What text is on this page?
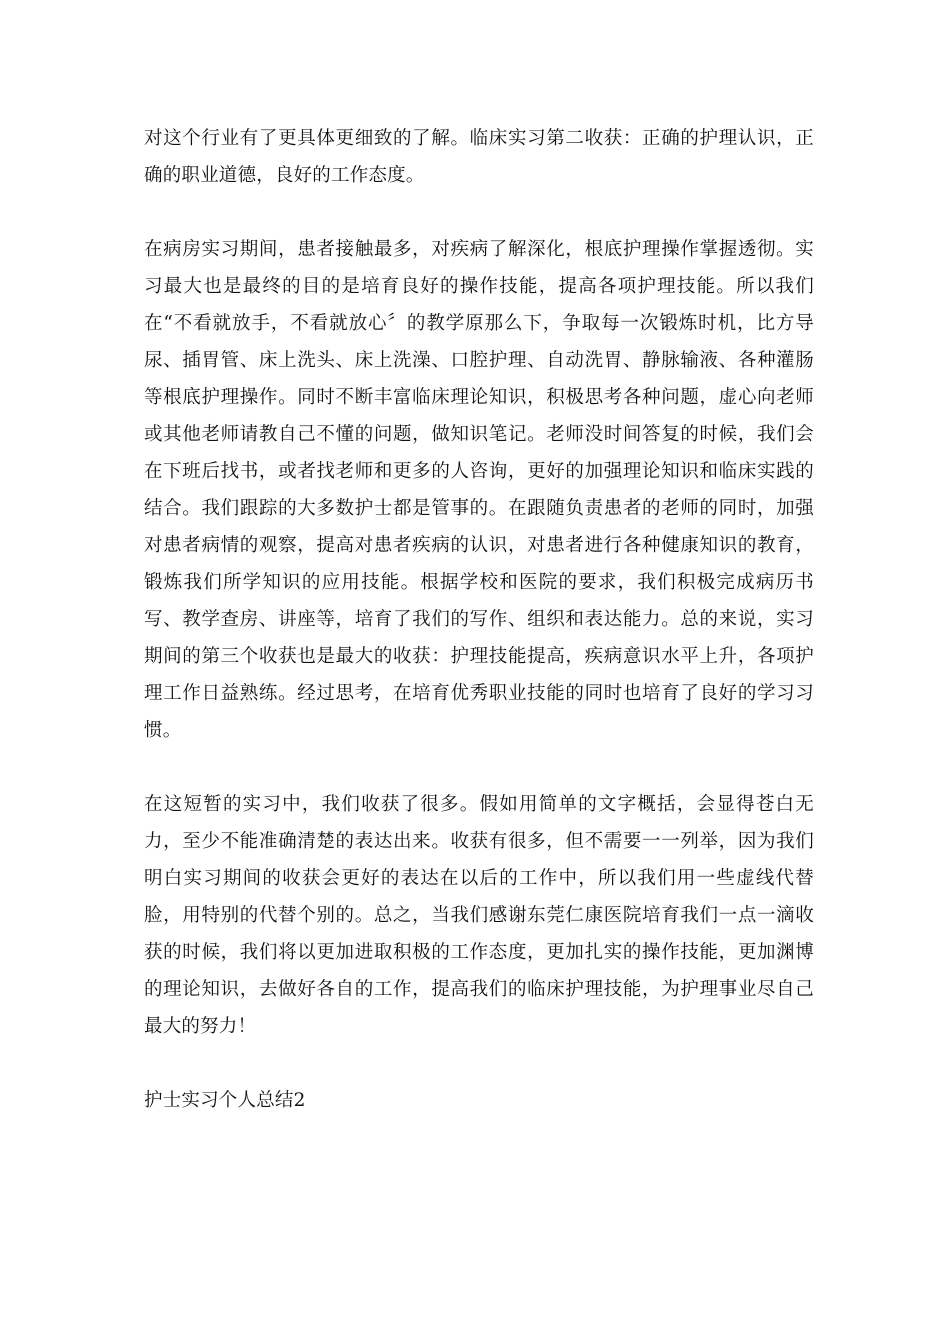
对这个行业有了更具体更细致的了解。临床实习第二收获：正确的护理认识，正确的职业道德，良好的工作态度。

在病房实习期间，患者接触最多，对疾病了解深化，根底护理操作掌握透彻。实习最大也是最终的目的是培育良好的操作技能，提高各项护理技能。所以我们在“不看就放手，不看就放心〞的教学原那么下，争取每一次锻炼时机，比方导尿、插胃管、床上洗头、床上洗澡、口腔护理、自动洗胃、静脉输液、各种灌肠等根底护理操作。同时不断丰富临床理论知识，积极思考各种问题，虚心向老师或其他老师请教自己不懂的问题，做知识笔记。老师没时间答复的时候，我们会在下班后找书，或者找老师和更多的人咨询，更好的加强理论知识和临床实践的结合。我们跟踪的大多数护士都是管事的。在跟随负责患者的老师的同时，加强对患者病情的观察，提高对患者疾病的认识，对患者进行各种健康知识的教育，锻炼我们所学知识的应用技能。根据学校和医院的要求，我们积极完成病历书写、教学查房、讲座等，培育了我们的写作、组织和表达能力。总的来说，实习期间的第三个收获也是最大的收获：护理技能提高，疾病意识水平上升，各项护理工作日益熟练。经过思考，在培育优秀职业技能的同时也培育了良好的学习习惯。

在这短暂的实习中，我们收获了很多。假如用简单的文字概括，会显得苍白无力，至少不能准确清楚的表达出来。收获有很多，但不需要一一列举，因为我们明白实习期间的收获会更好的表达在以后的工作中，所以我们用一些虚线代替脸，用特别的代替个别的。总之，当我们感谢东莞仁康医院培育我们一点一滴收获的时候，我们将以更加进取积极的工作态度，更加扎实的操作技能，更加渊博的理论知识，去做好各自的工作，提高我们的临床护理技能，为护理事业尽自己最大的努力！

护士实习个人总结2
